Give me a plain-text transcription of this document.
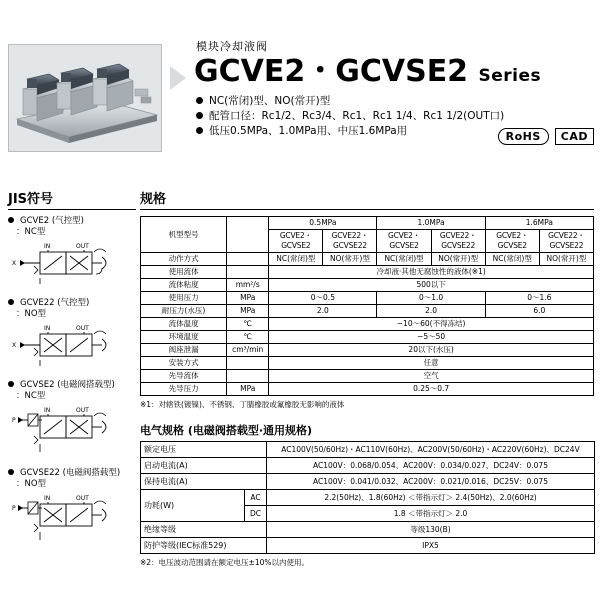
模块冷却液阀
GCVE2・GCVSE2 Series
NC(常闭)型、NO(常开)型
配管口径：Rc1/2、Rc3/4、Rc1、Rc1 1/4、Rc1 1/2(OUT口)
低压0.5MPa、1.0MPa用、中压1.6MPa用	RoHS	CAD
JIS符号
GCVE2 (气控型)
：NC型
IN	OUT
X
GCVE22 (气控型)
：NO型
IN	OUT
X
GCVSE2 (电磁阀搭载型)
：NC型
IN	OUT
P
GCVSE22 (电磁阀搭载型)
：NO型
IN	OUT
P
规格
机型型号		0.5MPa		1.0MPa		1.6MPa	
		GCVE2・GCVSE2	GCVE22・GCVSE22	GCVE2・GCVSE2	GCVE22・GCVSE22	GCVE2・GCVSE2	GCVE22・GCVSE22
动作方式		NC(常闭)型	NO(常开)型	NC(常闭)型	NO(常开)型	NC(常闭)型	NO(常开)型
使用流体		冷却液·其他无腐蚀性的液体(※1)					
流体粘度	mm²/s	500以下					
使用压力	MPa	0～0.5		0～1.0		0～1.6	
耐压力(水压)	MPa	2.0		2.0		6.0	
流体温度	℃	−10～60(不得冻结)					
环境温度	℃	−5～50					
阀座泄漏	cm³/min	20以下(水压)					
安装方式		任意					
先导流体		空气					
先导压力	MPa	0.25～0.7					
※1：对辖铁(镀镍)、不锈钢、丁腈橡胶或氟橡胶无影响的液体
电气规格 (电磁阀搭载型·通用规格)
额定电压		AC100V(50/60Hz)・AC110V(60Hz)、AC200V(50/60Hz)・AC220V(60Hz)、DC24V
启动电流(A)		AC100V：0.068/0.054、AC200V：0.034/0.027、DC24V：0.075
保持电流(A)		AC100V：0.041/0.032、AC200V：0.021/0.016、DC25V：0.075
功耗(W)	AC	2.2(50Hz)、1.8(60Hz) ＜带指示灯＞ 2.4(50Hz)、2.0(60Hz)
	DC	1.8 ＜带指示灯＞ 2.0
绝缘等级		等级130(B)
防护等级(IEC标准529)		IPX5
※2：电压波动范围请在额定电压±10%以内使用。
